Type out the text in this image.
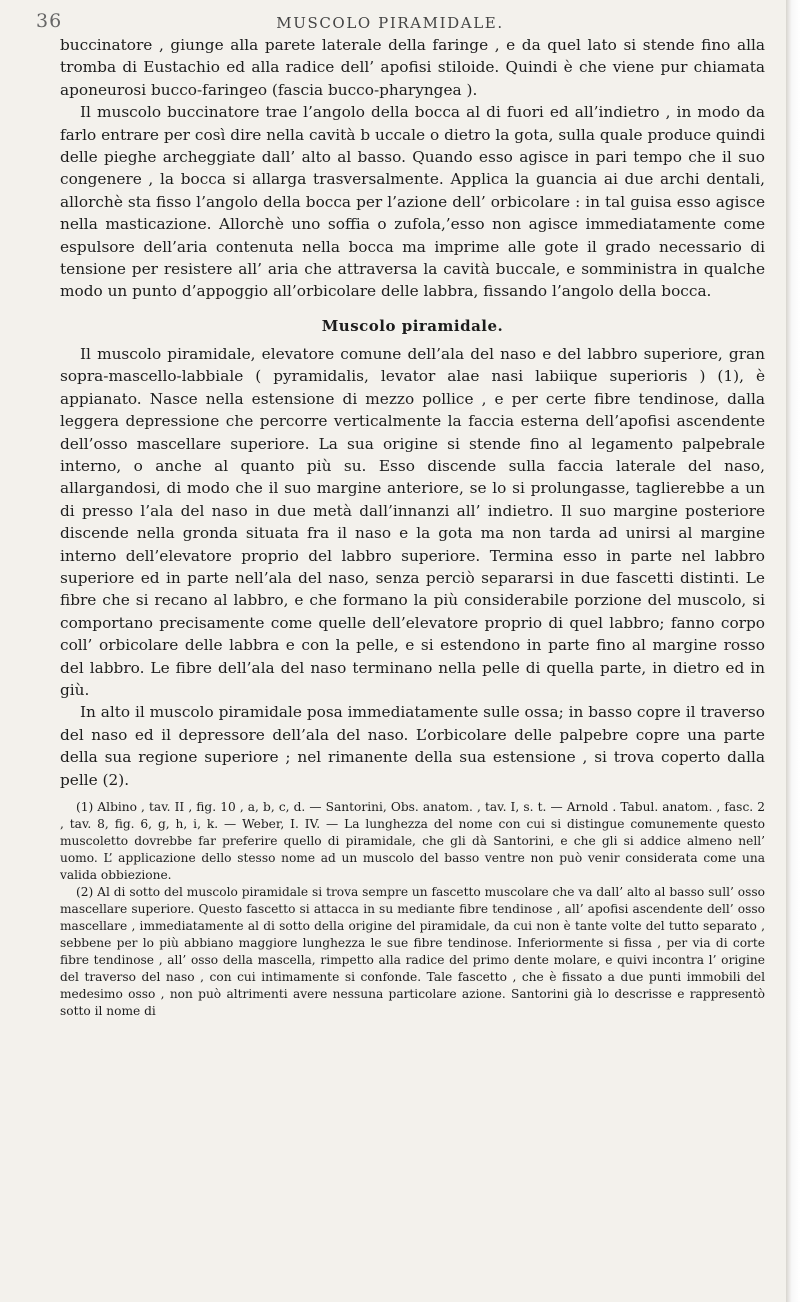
36	MUSCOLO PIRAMIDALE.

buccinatore , giunge alla parete laterale della faringe , e da quel lato si stende fino alla tromba di Eustachio ed alla radice dell’ apofisi stiloide. Quindi è che viene pur chiamata aponeurosi bucco-faringeo (fascia bucco-pharyngea ).

Il muscolo buccinatore trae l’angolo della bocca al di fuori ed all’indietro , in modo da farlo entrare per così dire nella cavità b uccale o dietro la gota, sulla quale produce quindi delle pieghe archeggiate dall’ alto al basso. Quando esso agisce in pari tempo che il suo congenere , la bocca si allarga trasversalmente. Applica la guancia ai due archi dentali, allorchè sta fisso l’angolo della bocca per l’azione dell’ orbicolare : in tal guisa esso agisce nella masticazione. Allorchè uno soffia o zufola,’esso non agisce immediatamente come espulsore dell’aria contenuta nella bocca ma imprime alle gote il grado necessario di tensione per resistere all’ aria che attraversa la cavità buccale, e somministra in qualche modo un punto d’appoggio all’orbicolare delle labbra, fissando l’angolo della bocca.

Muscolo piramidale.

Il muscolo piramidale, elevatore comune dell’ala del naso e del labbro superiore, gran sopra-mascello-labbiale ( pyramidalis, levator alae nasi labiique superioris ) (1), è appianato. Nasce nella estensione di mezzo pollice , e per certe fibre tendinose, dalla leggera depressione che percorre verticalmente la faccia esterna dell’apofisi ascendente dell’osso mascellare superiore. La sua origine si stende fino al legamento palpebrale interno, o anche al quanto più su. Esso discende sulla faccia laterale del naso, allargandosi, di modo che il suo margine anteriore, se lo si prolungasse, taglierebbe a un di presso l’ala del naso in due metà dall’innanzi all’ indietro. Il suo margine posteriore discende nella gronda situata fra il naso e la gota ma non tarda ad unirsi al margine interno dell’elevatore proprio del labbro superiore. Termina esso in parte nel labbro superiore ed in parte nell’ala del naso, senza perciò separarsi in due fascetti distinti. Le fibre che si recano al labbro, e che formano la più considerabile porzione del muscolo, si comportano precisamente come quelle dell’elevatore proprio di quel labbro; fanno corpo coll’ orbicolare delle labbra e con la pelle, e si estendono in parte fino al margine rosso del labbro. Le fibre dell’ala del naso terminano nella pelle di quella parte, in dietro ed in giù.

In alto il muscolo piramidale posa immediatamente sulle ossa; in basso copre il traverso del naso ed il depressore dell’ala del naso. L’orbicolare delle palpebre copre una parte della sua regione superiore ; nel rimanente della sua estensione , si trova coperto dalla pelle (2).

(1) Albino , tav. II , fig. 10 , a, b, c, d. — Santorini, Obs. anatom. , tav. I, s. t. — Arnold . Tabul. anatom. , fasc. 2 , tav. 8, fig. 6, g, h, i, k. — Weber, I. IV. — La lunghezza del nome con cui si distingue comunemente questo muscoletto dovrebbe far preferire quello di piramidale, che gli dà Santorini, e che gli si addice almeno nell’ uomo. L’ applicazione dello stesso nome ad un muscolo del basso ventre non può venir considerata come una valida obbiezione.

(2) Al di sotto del muscolo piramidale si trova sempre un fascetto muscolare che va dall’ alto al basso sull’ osso mascellare superiore. Questo fascetto si attacca in su mediante fibre tendinose , all’ apofisi ascendente dell’ osso mascellare , immediatamente al di sotto della origine del piramidale, da cui non è tante volte del tutto separato , sebbene per lo più abbiano maggiore lunghezza le sue fibre tendinose. Inferiormente si fissa , per via di corte fibre tendinose , all’ osso della mascella, rimpetto alla radice del primo dente molare, e quivi incontra l’ origine del traverso del naso , con cui intimamente si confonde. Tale fascetto , che è fissato a due punti immobili del medesimo osso , non può altrimenti avere nessuna particolare azione. Santorini già lo descrisse e rappresentò sotto il nome di
